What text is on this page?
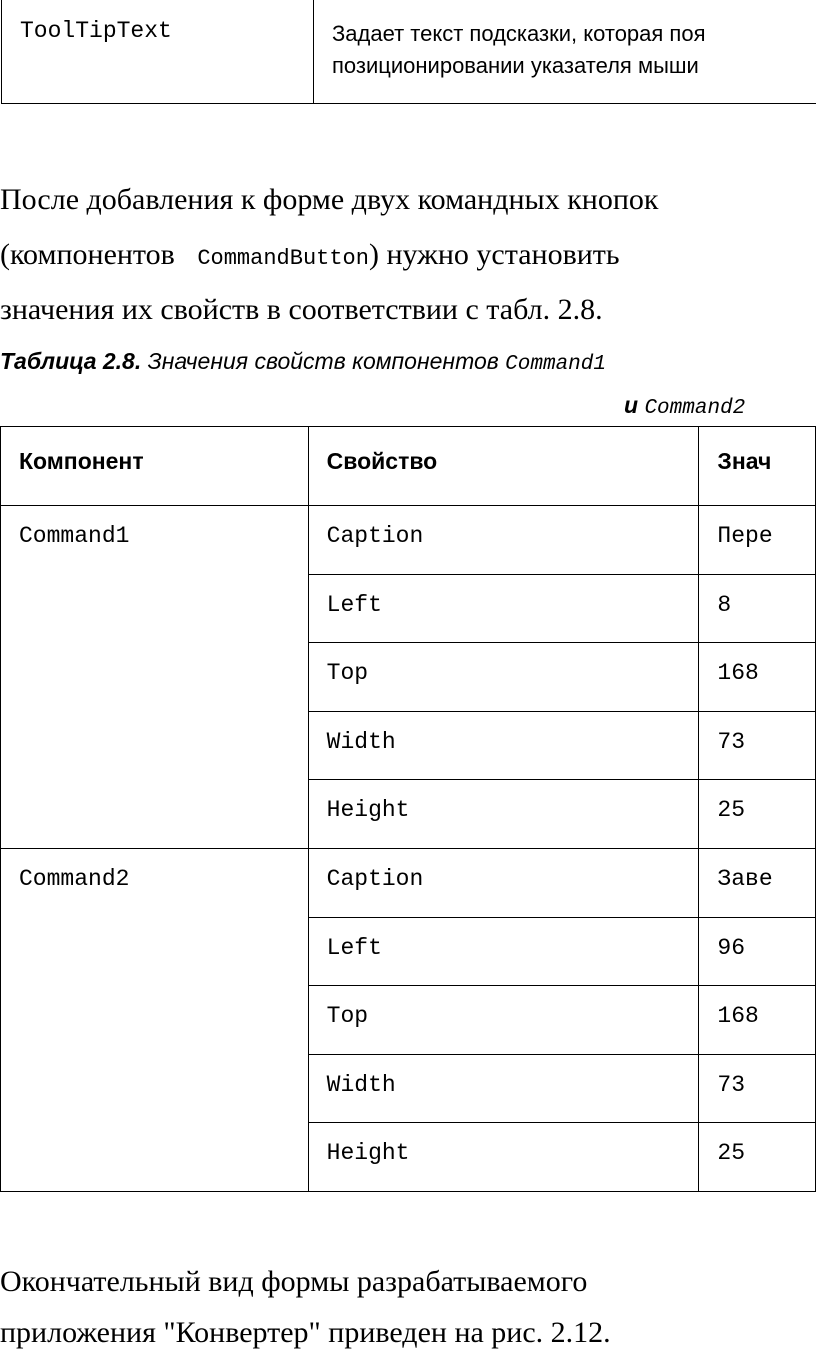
ToolTipText	Задает текст подсказки, которая поя
позиционировании указателя мыши
После добавления к форме двух командных кнопок
(компонентов CommandButton) нужно установить
значения их свойств в соответствии с табл. 2.8.
Таблица 2.8. Значения свойств компонентов Command1
и Command2
Компонент	Свойство	Знач
Command1	Caption	Пере
	Left	8
	Top	168
	Width	73
	Height	25
Command2	Caption	Заве
	Left	96
	Top	168
	Width	73
	Height	25
Окончательный вид формы разрабатываемого
приложения "Конвертер" приведен на рис. 2.12.
